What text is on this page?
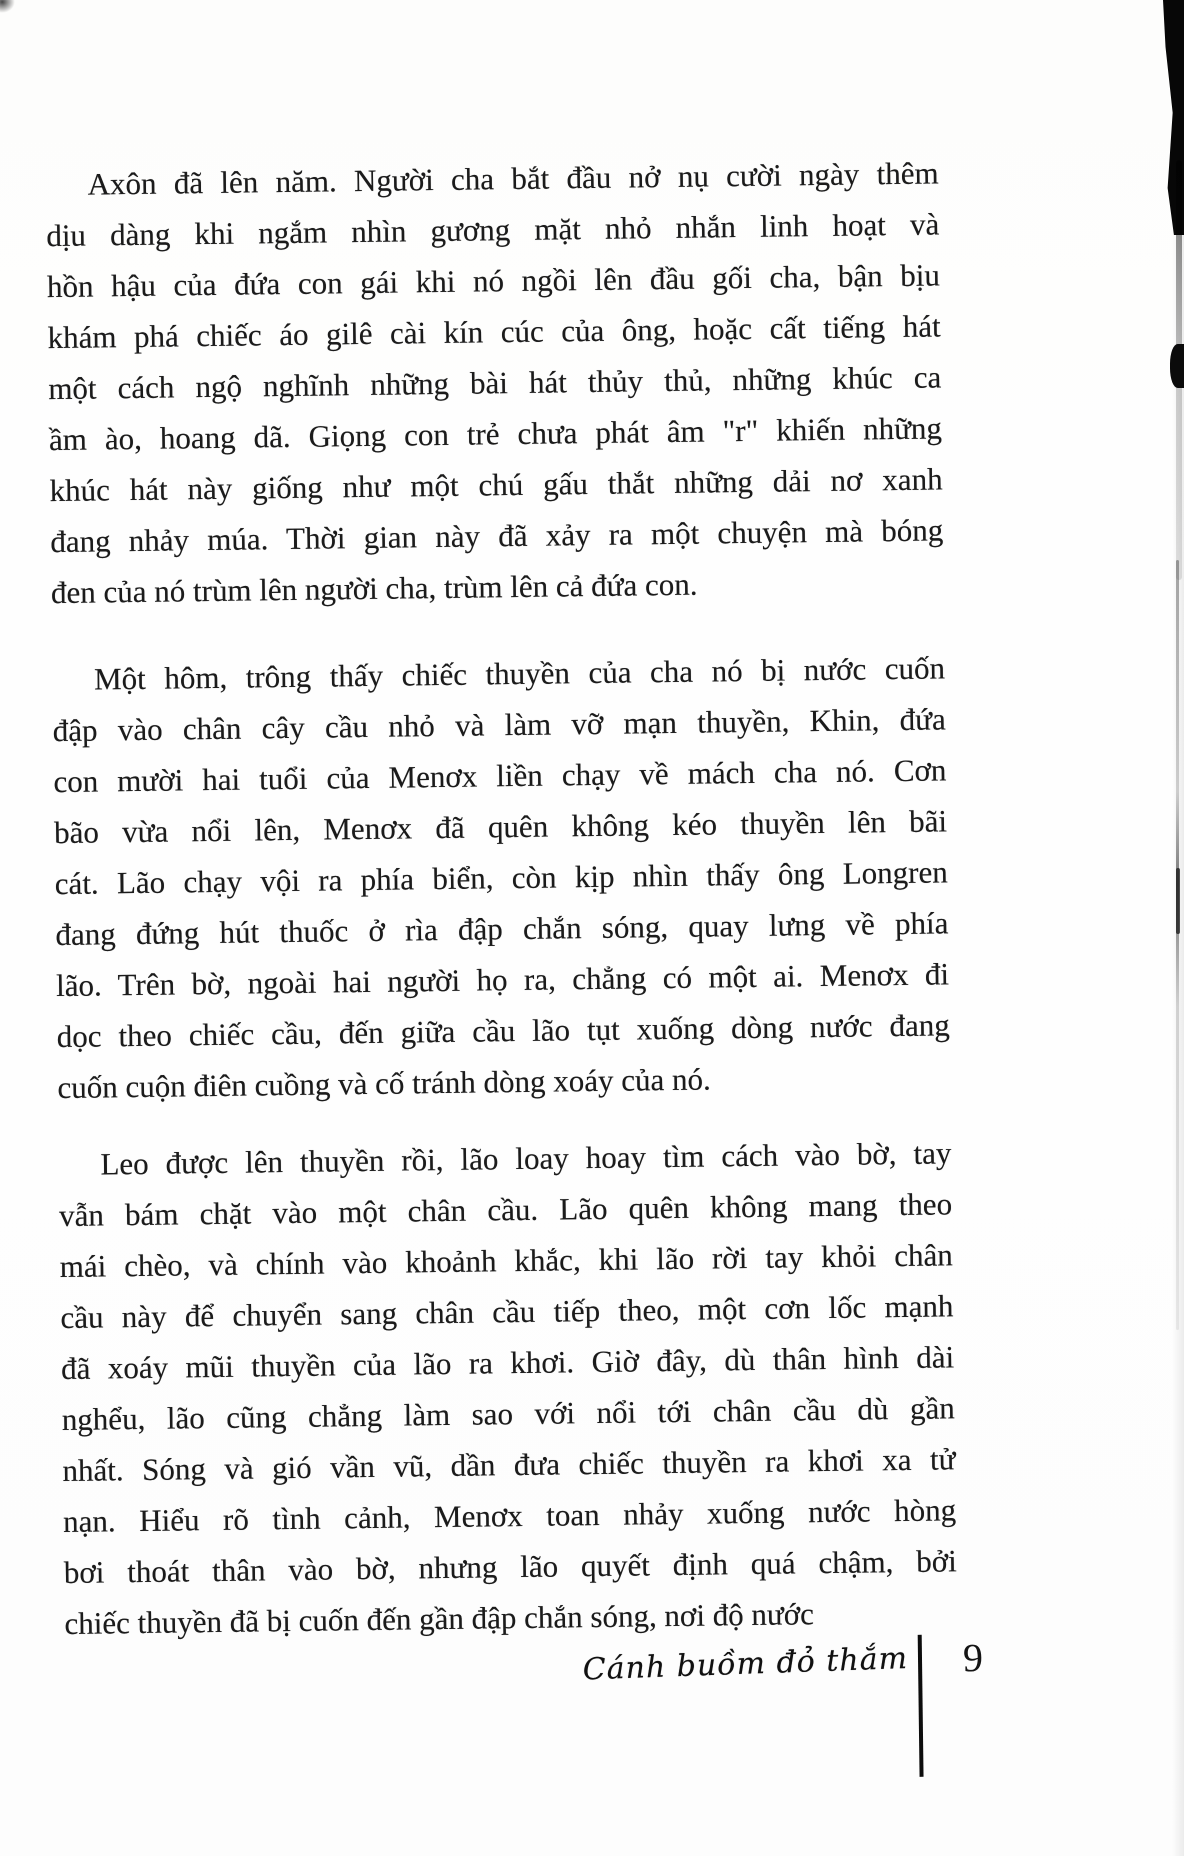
Axôn đã lên năm. Người cha bắt đầu nở nụ cười ngày thêm
dịu dàng khi ngắm nhìn gương mặt nhỏ nhắn linh hoạt và
hồn hậu của đứa con gái khi nó ngồi lên đầu gối cha, bận bịu
khám phá chiếc áo gilê cài kín cúc của ông, hoặc cất tiếng hát
một cách ngộ nghĩnh những bài hát thủy thủ, những khúc ca
ầm ào, hoang dã. Giọng con trẻ chưa phát âm "r" khiến những
khúc hát này giống như một chú gấu thắt những dải nơ xanh
đang nhảy múa. Thời gian này đã xảy ra một chuyện mà bóng
đen của nó trùm lên người cha, trùm lên cả đứa con.
Một hôm, trông thấy chiếc thuyền của cha nó bị nước cuốn
đập vào chân cây cầu nhỏ và làm vỡ mạn thuyền, Khin, đứa
con mười hai tuổi của Menơx liền chạy về mách cha nó. Cơn
bão vừa nổi lên, Menơx đã quên không kéo thuyền lên bãi
cát. Lão chạy vội ra phía biển, còn kịp nhìn thấy ông Longren
đang đứng hút thuốc ở rìa đập chắn sóng, quay lưng về phía
lão. Trên bờ, ngoài hai người họ ra, chẳng có một ai. Menơx đi
dọc theo chiếc cầu, đến giữa cầu lão tụt xuống dòng nước đang
cuốn cuộn điên cuồng và cố tránh dòng xoáy của nó.
Leo được lên thuyền rồi, lão loay hoay tìm cách vào bờ, tay
vẫn bám chặt vào một chân cầu. Lão quên không mang theo
mái chèo, và chính vào khoảnh khắc, khi lão rời tay khỏi chân
cầu này để chuyển sang chân cầu tiếp theo, một cơn lốc mạnh
đã xoáy mũi thuyền của lão ra khơi. Giờ đây, dù thân hình dài
nghểu, lão cũng chẳng làm sao với nổi tới chân cầu dù gần
nhất. Sóng và gió vần vũ, dần đưa chiếc thuyền ra khơi xa tử
nạn. Hiểu rõ tình cảnh, Menơx toan nhảy xuống nước hòng
bơi thoát thân vào bờ, nhưng lão quyết định quá chậm, bởi
chiếc thuyền đã bị cuốn đến gần đập chắn sóng, nơi độ nước
Cánh buồm đỏ thắm	9
